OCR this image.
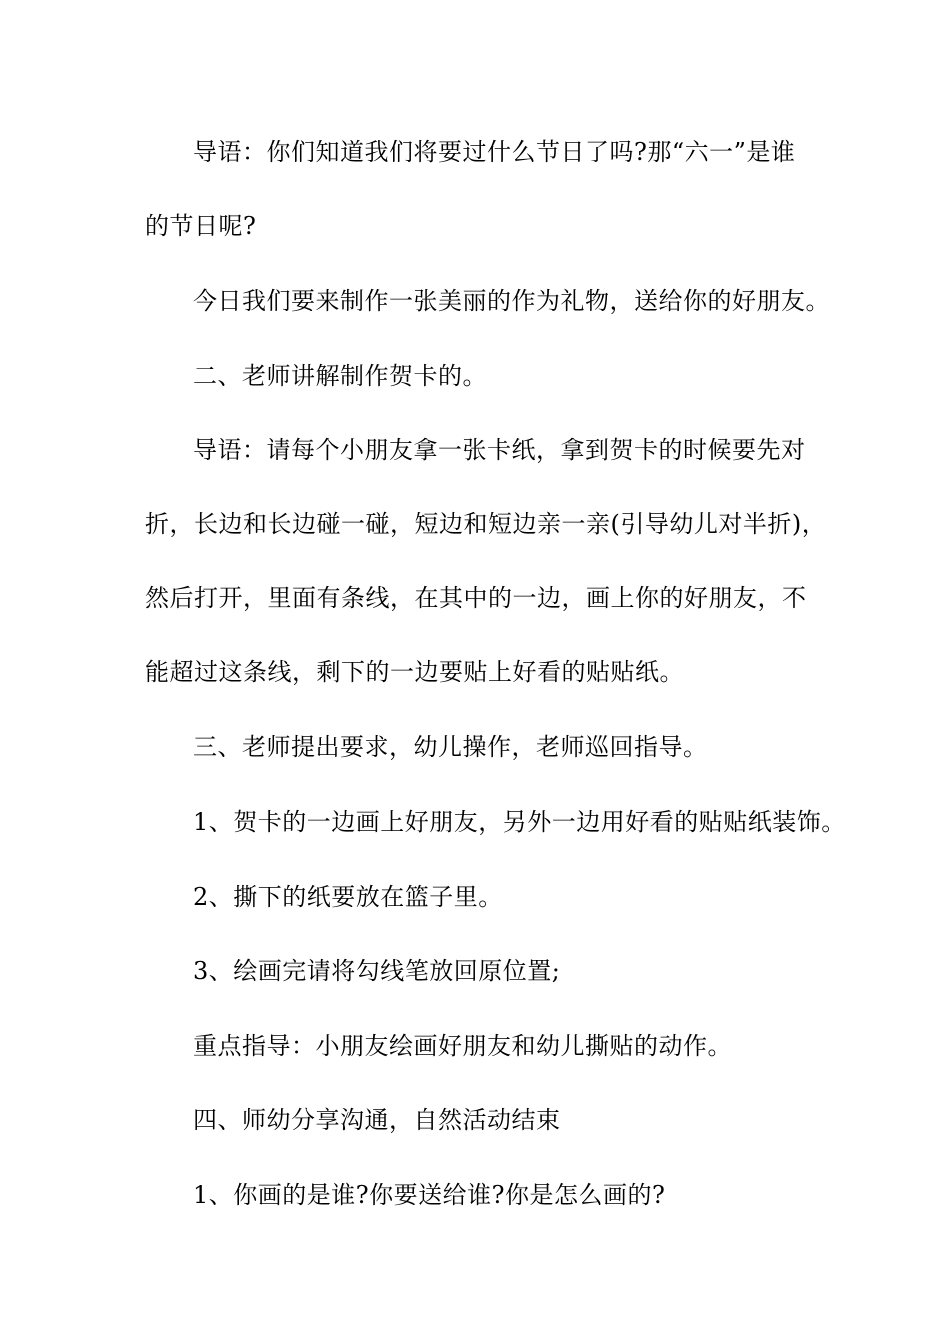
导语：你们知道我们将要过什么节日了吗?那“六一”是谁
的节日呢?
今日我们要来制作一张美丽的作为礼物，送给你的好朋友。
二、老师讲解制作贺卡的。
导语：请每个小朋友拿一张卡纸，拿到贺卡的时候要先对
折，长边和长边碰一碰，短边和短边亲一亲(引导幼儿对半折)，
然后打开，里面有条线，在其中的一边，画上你的好朋友，不
能超过这条线，剩下的一边要贴上好看的贴贴纸。
三、老师提出要求，幼儿操作，老师巡回指导。
1、贺卡的一边画上好朋友，另外一边用好看的贴贴纸装饰。
2、撕下的纸要放在篮子里。
3、绘画完请将勾线笔放回原位置;
重点指导：小朋友绘画好朋友和幼儿撕贴的动作。
四、师幼分享沟通，自然活动结束
1、你画的是谁?你要送给谁?你是怎么画的?
